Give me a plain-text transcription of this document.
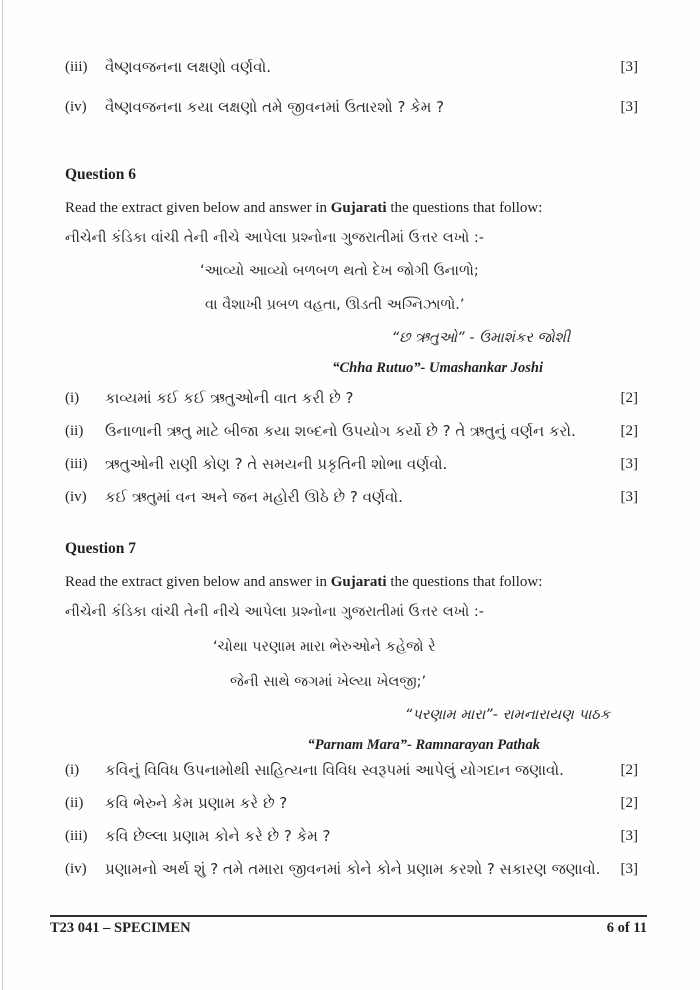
(iii)	વૈષ્ણવજનના લક્ષણો વર્ણવો.	[3]
(iv)	વૈષ્ણવજનના કયા લક્ષણો તમે જીવનમાં ઉતારશો ? કેમ ?	[3]
Question 6
Read the extract given below and answer in Gujarati the questions that follow:
નીચેની કંડિકા વાંચી તેની નીચે આપેલા પ્રશ્નોના ગુજરાતીમાં ઉત્તર લખો :-
‘આવ્યો આવ્યો બળબળ થતો દેખ જોગી ઉનાળો;
વા વૈશાખી પ્રબળ વહતા, ઊડતી અગ્નિઝાળો.’
“છ ઋતુઓ” - ઉમાશંકર જોશી
“Chha Rutuo”- Umashankar Joshi
(i)	કાવ્યમાં કઈ કઈ ઋતુઓની વાત કરી છે ?	[2]
(ii)	ઉનાળાની ઋતુ માટે બીજા કયા શબ્દનો ઉપયોગ કર્યો છે ? તે ઋતુનું વર્ણન કરો.	[2]
(iii)	ઋતુઓની રાણી કોણ ? તે સમયની પ્રકૃતિની શોભા વર્ણવો.	[3]
(iv)	કઈ ઋતુમાં વન અને જન મહોરી ઊઠે છે ? વર્ણવો.	[3]
Question 7
Read the extract given below and answer in Gujarati the questions that follow:
નીચેની કંડિકા વાંચી તેની નીચે આપેલા પ્રશ્નોના ગુજરાતીમાં ઉત્તર લખો :-
‘ચોથા પરણામ મારા ભેરુઓને કહેજો રે
જેની સાથે જગમાં ખેલ્યા ખેલજી;’
“પરણામ મારા”- રામનારાયણ પાઠક
“Parnam Mara”- Ramnarayan Pathak
(i)	કવિનું વિવિધ ઉપનામોથી સાહિત્યના વિવિધ સ્વરૂપમાં આપેલું યોગદાન જણાવો.	[2]
(ii)	કવિ ભેરુને કેમ પ્રણામ કરે છે ?	[2]
(iii)	કવિ છેલ્લા પ્રણામ કોને કરે છે ? કેમ ?	[3]
(iv)	પ્રણામનો અર્થ શું ? તમે તમારા જીવનમાં કોને કોને પ્રણામ કરશો ? સકારણ જણાવો.	[3]
T23 041 – SPECIMEN	6 of 11
